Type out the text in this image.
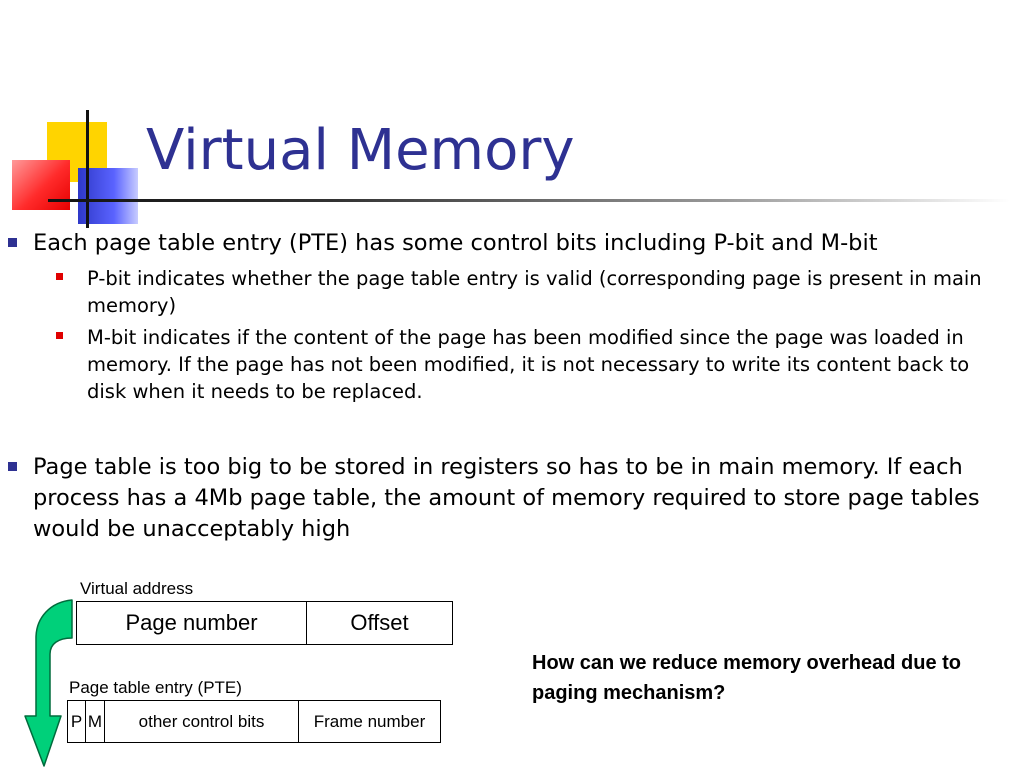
Virtual Memory
Each page table entry (PTE) has some control bits including P-bit and M-bit
P-bit indicates whether the page table entry is valid (corresponding page is present in main memory)
M-bit indicates if the content of the page has been modified since the page was loaded in memory. If the page has not been modified, it is not necessary to write its content back to disk when it needs to be replaced.
Page table is too big to be stored in registers so has to be in main memory. If each process has a 4Mb page table, the amount of memory required to store page tables would be unacceptably high
Virtual address
Page number	Offset
Page table entry (PTE)
P M	other control bits	Frame number
How can we reduce memory overhead due to paging mechanism?
